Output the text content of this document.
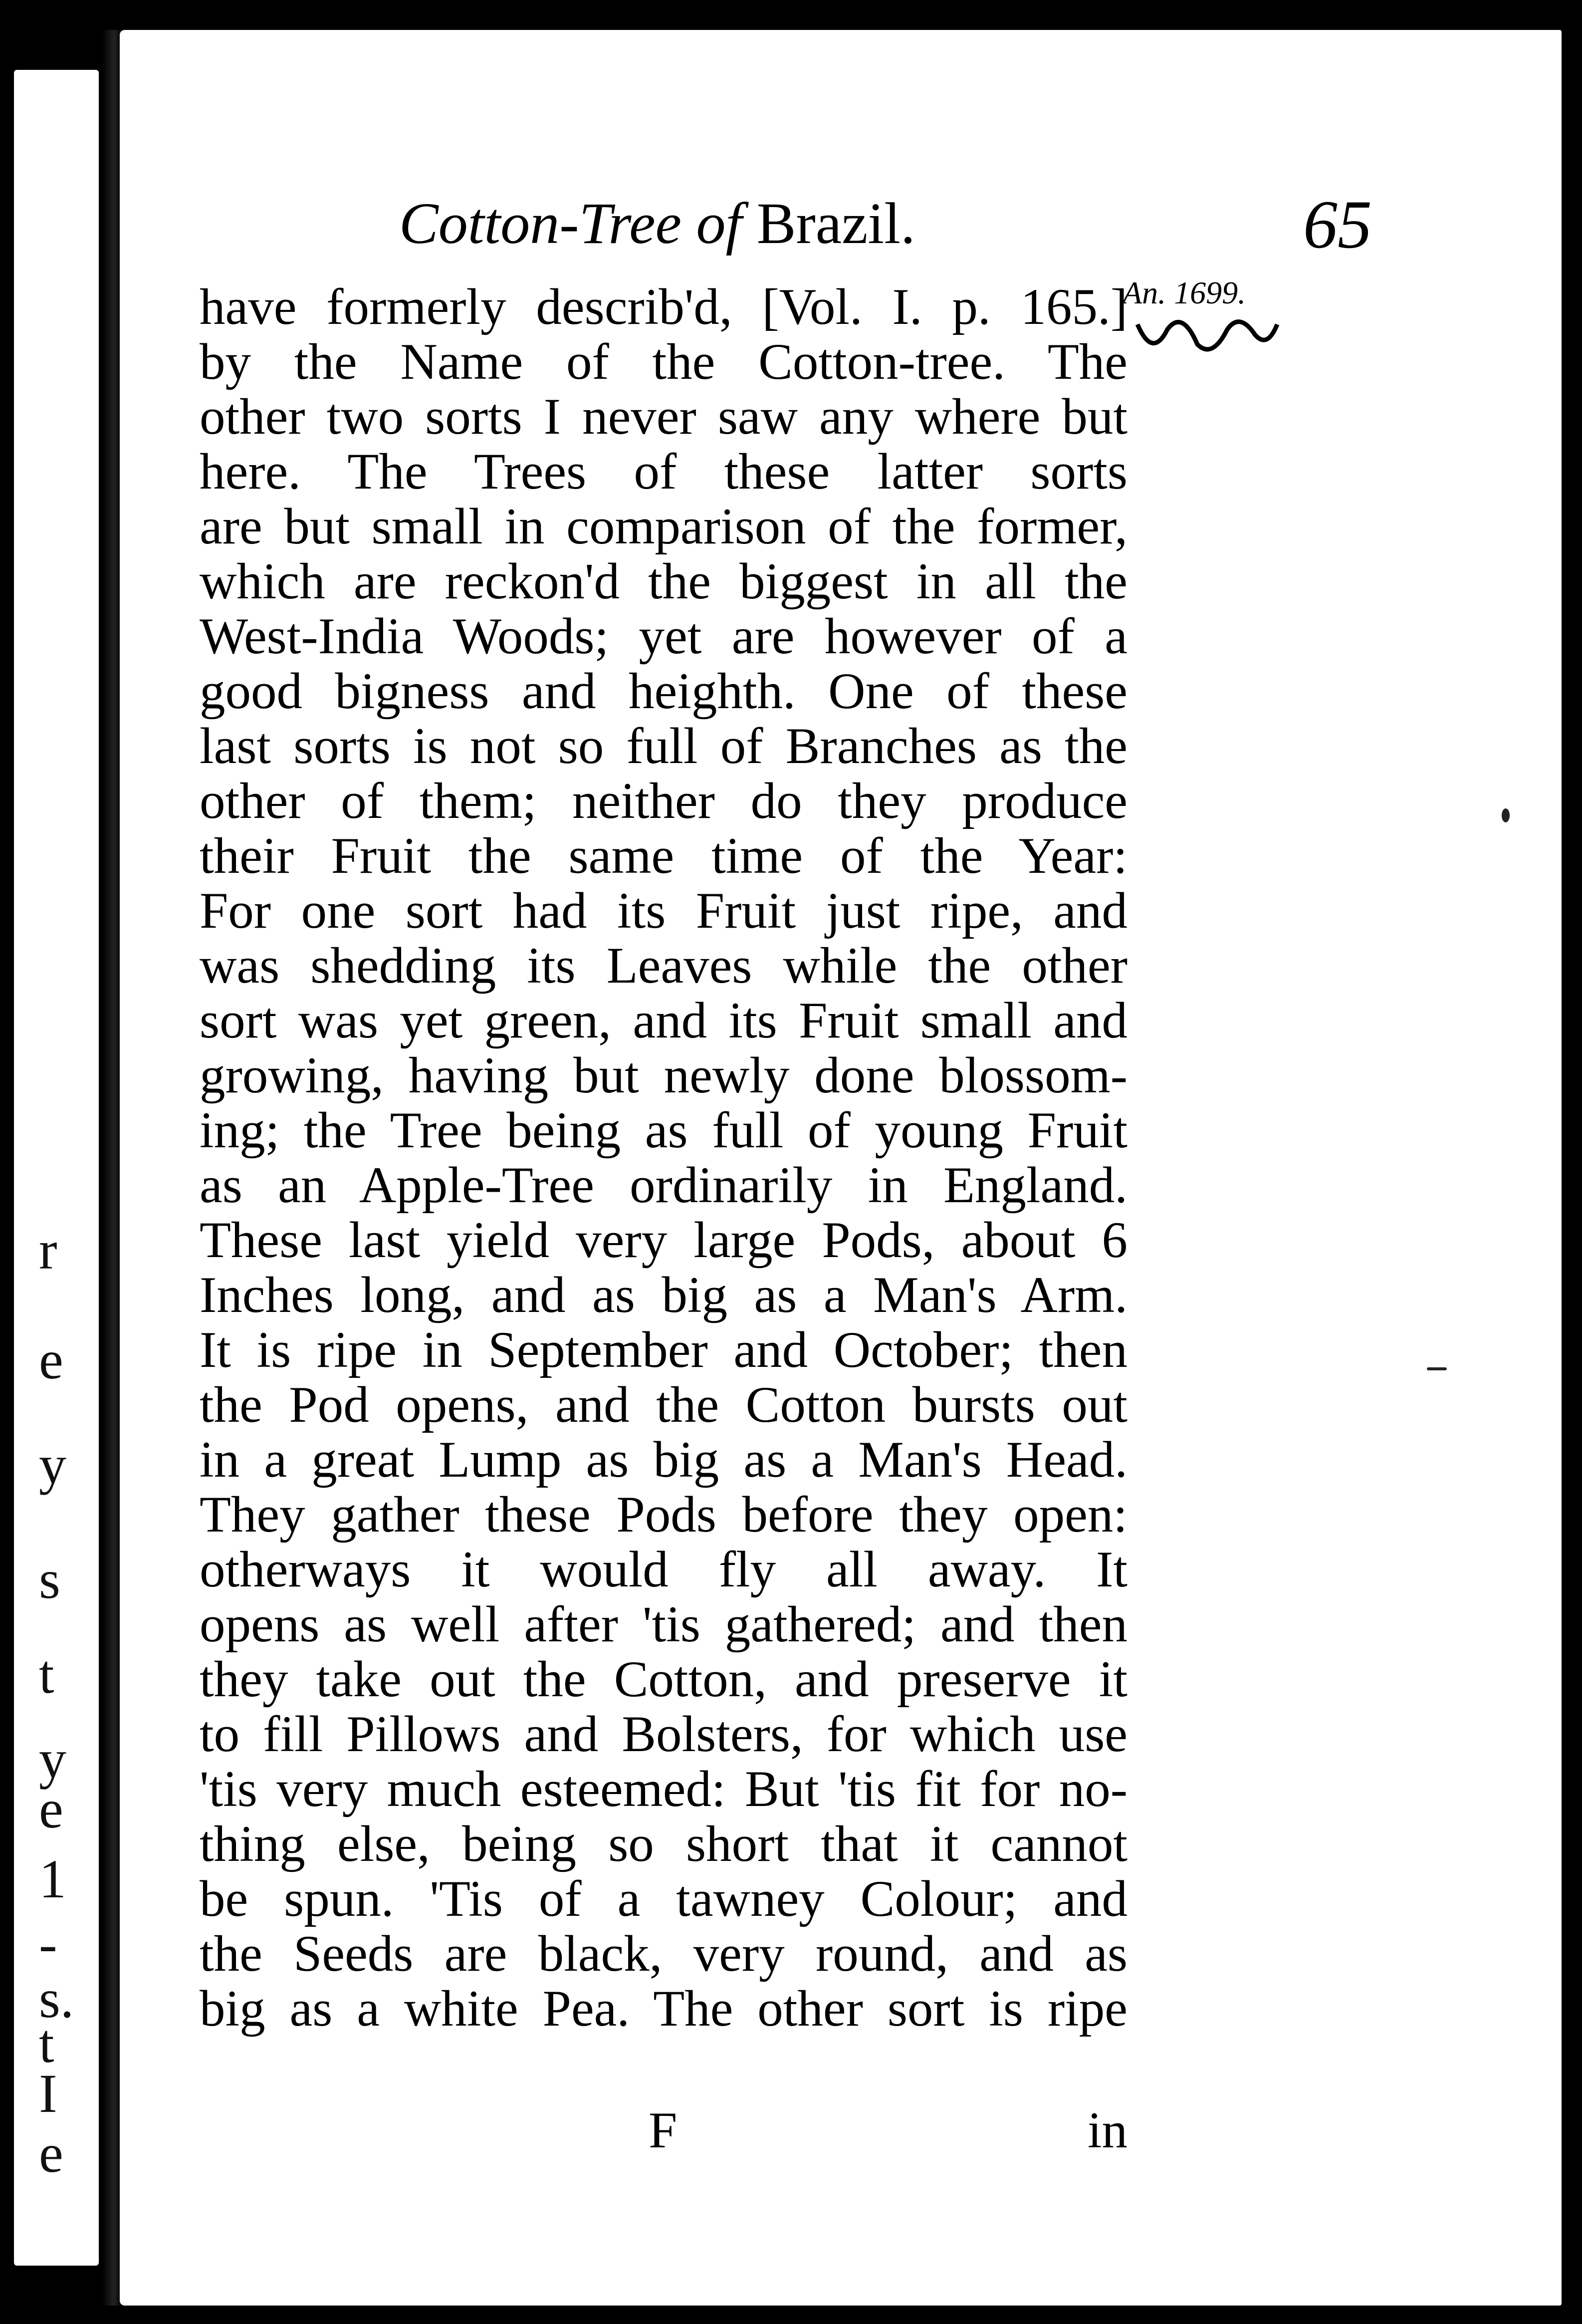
r
e
y
s
t
y
e
1
-
s.
t
I
e
Cotton-Tree of Brazil.	65
An. 1699.
have formerly describ'd, [Vol. I. p. 165.]
by the Name of the Cotton-tree. The
other two sorts I never saw any where but
here. The Trees of these latter sorts
are but small in comparison of the former,
which are reckon'd the biggest in all the
West-India Woods; yet are however of a
good bigness and heighth. One of these
last sorts is not so full of Branches as the
other of them; neither do they produce
their Fruit the same time of the Year:
For one sort had its Fruit just ripe, and
was shedding its Leaves while the other
sort was yet green, and its Fruit small and
growing, having but newly done blossom-
ing; the Tree being as full of young Fruit
as an Apple-Tree ordinarily in England.
These last yield very large Pods, about 6
Inches long, and as big as a Man's Arm.
It is ripe in September and October; then
the Pod opens, and the Cotton bursts out
in a great Lump as big as a Man's Head.
They gather these Pods before they open:
otherways it would fly all away. It
opens as well after 'tis gathered; and then
they take out the Cotton, and preserve it
to fill Pillows and Bolsters, for which use
'tis very much esteemed: But 'tis fit for no-
thing else, being so short that it cannot
be spun. 'Tis of a tawney Colour; and
the Seeds are black, very round, and as
big as a white Pea. The other sort is ripe
F	in
